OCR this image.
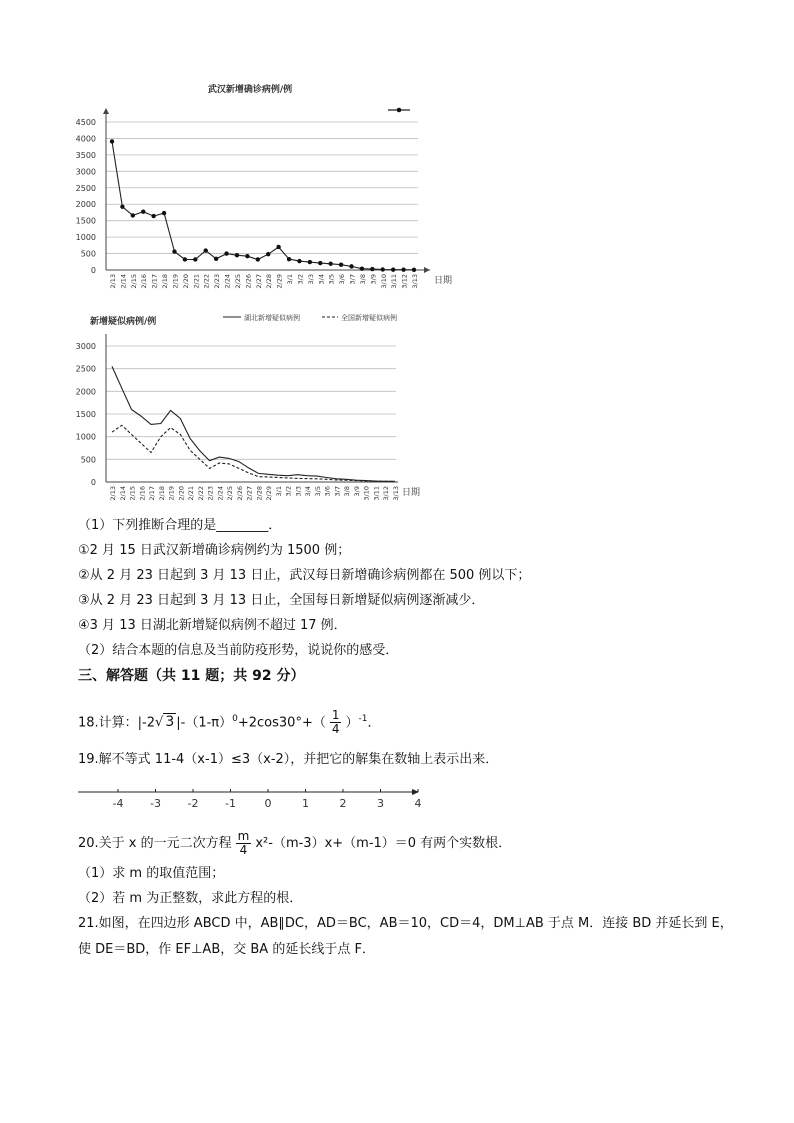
武汉新增确诊病例/例
0
500
1000
1500
2000
2500
3000
3500
4000
4500
2/13 2/14 2/15 2/16 2/17 2/18 2/19 2/20 2/21 2/22 2/23 2/24 2/25 2/26 2/27 2/28 2/29 3/1 3/2 3/3 3/4 3/5 3/6 3/7 3/8 3/9 3/10 3/11 3/12 3/13 日期
新增疑似病例/例
0
500
1000
1500
2000
2500
3000
2/13 2/14 2/15 2/16 2/17 2/18 2/19 2/20 2/21 2/22 2/23 2/24 2/25 2/26 2/27 2/28 2/29 3/1 3/2 3/3 3/4 3/5 3/6 3/7 3/8 3/9 3/10 3/11 3/12 3/13 日期
湖北新增疑似病例	全国新增疑似病例
（1）下列推断合理的是________．
①2 月 15 日武汉新增确诊病例约为 1500 例；
②从 2 月 23 日起到 3 月 13 日止，武汉每日新增确诊病例都在 500 例以下；
③从 2 月 23 日起到 3 月 13 日止，全国每日新增疑似病例逐渐减少．
④3 月 13 日湖北新增疑似病例不超过 17 例．
（2）结合本题的信息及当前防疫形势，说说你的感受．
三、解答题（共 11 题；共 92 分）
18.计算：|-2√ 3 $|-(1-\pi)^0+2\cos 30^\circ+( \frac{1}{4} )^{-1}$．
19.解不等式 11-4（x-1）≤3（x-2），并把它的解集在数轴上表示出来．
-4 -3 -2 -1	0	1	2	3	4
20.关于 x 的一元二次方程 $\frac{m}{4} x^2-(m-3)x+(m-1)=0$ 有两个实数根．
（1）求 m 的取值范围；
（2）若 m 为正整数，求此方程的根．
21.如图，在四边形 ABCD 中，AB∥DC，AD＝BC，AB＝10，CD＝4，DM⊥AB 于点 M．连接 BD 并延长到 E，
使 DE＝BD，作 EF⊥AB，交 BA 的延长线于点 F．
